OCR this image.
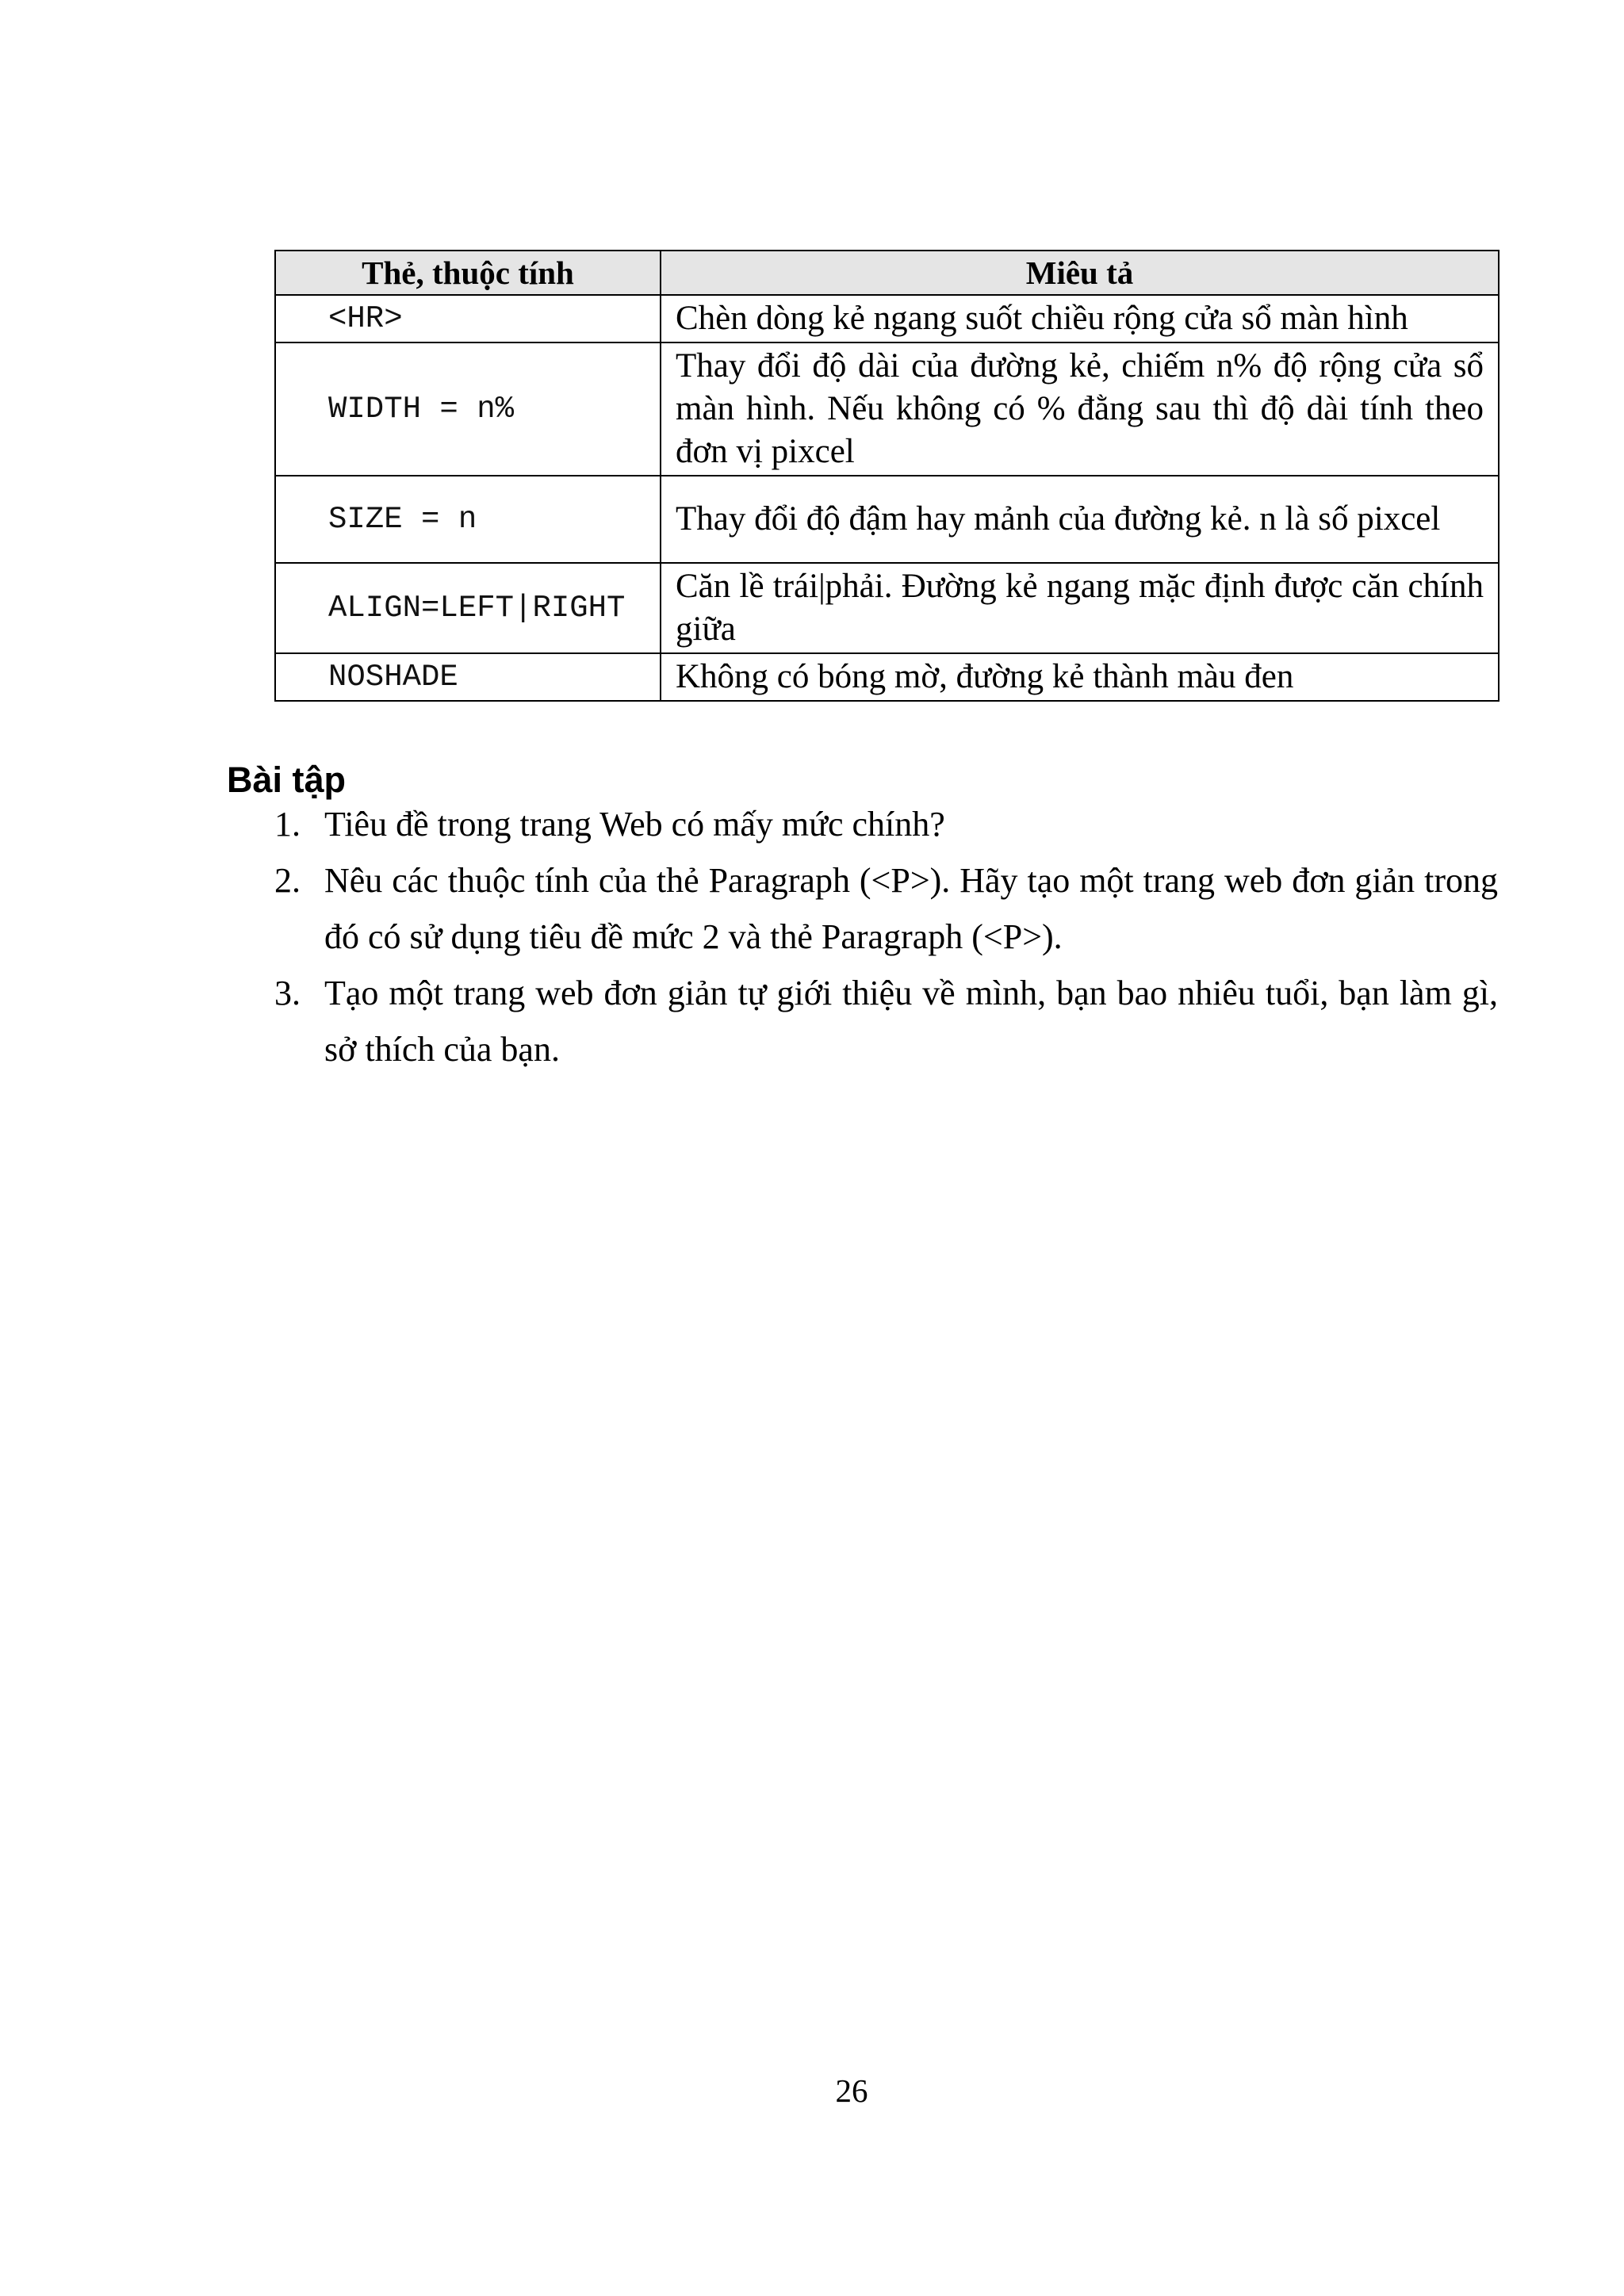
Thẻ, thuộc tính	Miêu tả
<HR>	Chèn dòng kẻ ngang suốt chiều rộng cửa sổ màn hình
WIDTH = n%	Thay đổi độ dài của đường kẻ, chiếm n% độ rộng cửa sổ màn hình. Nếu không có % đằng sau thì độ dài tính theo đơn vị pixcel
SIZE = n	Thay đổi độ đậm hay mảnh của đường kẻ. n là số pixcel
ALIGN=LEFT|RIGHT	Căn lề trái|phải. Đường kẻ ngang mặc định được căn chính giữa
NOSHADE	Không có bóng mờ, đường kẻ thành màu đen
Bài tập
1. Tiêu đề trong trang Web có mấy mức chính?
2. Nêu các thuộc tính của thẻ Paragraph (<P>). Hãy tạo một trang web đơn giản trong đó có sử dụng tiêu đề mức 2 và thẻ Paragraph (<P>).
3. Tạo một trang web đơn giản tự giới thiệu về mình, bạn bao nhiêu tuổi, bạn làm gì, sở thích của bạn.
26
